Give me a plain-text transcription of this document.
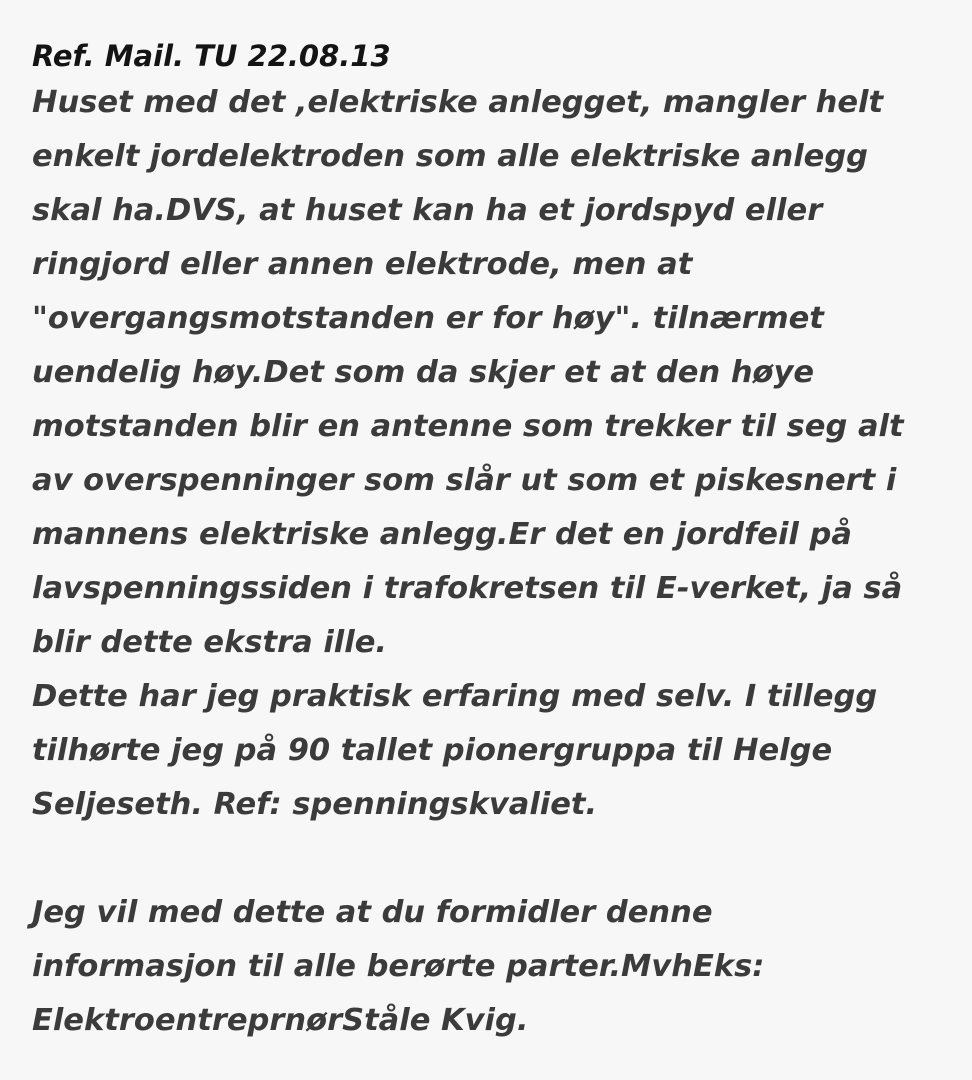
Ref. Mail. TU 22.08.13
Huset med det ,elektriske anlegget, mangler helt
enkelt jordelektroden som alle elektriske anlegg
skal ha.DVS, at huset kan ha et jordspyd eller
ringjord eller annen elektrode, men at
"overgangsmotstanden er for høy". tilnærmet
uendelig høy.Det som da skjer et at den høye
motstanden blir en antenne som trekker til seg alt
av overspenninger som slår ut som et piskesnert i
mannens elektriske anlegg.Er det en jordfeil på
lavspenningssiden i trafokretsen til E-verket, ja så
blir dette ekstra ille.
Dette har jeg praktisk erfaring med selv. I tillegg
tilhørte jeg på 90 tallet pionergruppa til Helge
Seljeseth. Ref: spenningskvaliet.
Jeg vil med dette at du formidler denne
informasjon til alle berørte parter.MvhEks:
ElektroentreprnørStåle Kvig.
